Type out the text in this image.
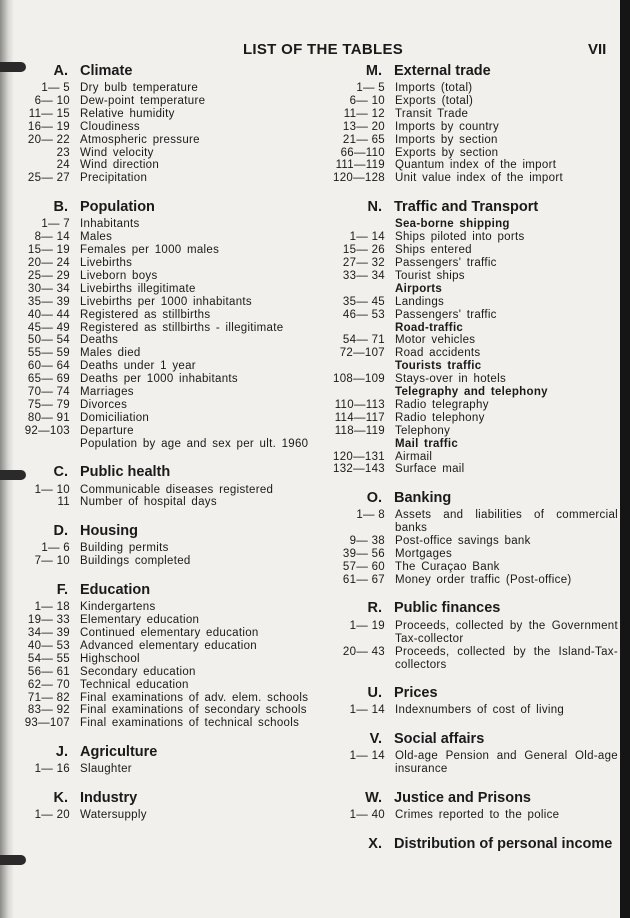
LIST OF THE TABLES	VII
A. Climate
1— 5 Dry bulb temperature
6— 10 Dew-point temperature
11— 15 Relative humidity
16— 19 Cloudiness
20— 22 Atmospheric pressure
23 Wind velocity
24 Wind direction
25— 27 Precipitation
B. Population
1— 7 Inhabitants
8— 14 Males
15— 19 Females per 1000 males
20— 24 Livebirths
25— 29 Liveborn boys
30— 34 Livebirths illegitimate
35— 39 Livebirths per 1000 inhabitants
40— 44 Registered as stillbirths
45— 49 Registered as stillbirths - illegitimate
50— 54 Deaths
55— 59 Males died
60— 64 Deaths under 1 year
65— 69 Deaths per 1000 inhabitants
70— 74 Marriages
75— 79 Divorces
80— 91 Domiciliation
92—103 Departure
Population by age and sex per ult. 1960
C. Public health
1— 10 Communicable diseases registered
11 Number of hospital days
D. Housing
1— 6 Building permits
7— 10 Buildings completed
F. Education
1— 18 Kindergartens
19— 33 Elementary education
34— 39 Continued elementary education
40— 53 Advanced elementary education
54— 55 Highschool
56— 61 Secondary education
62— 70 Technical education
71— 82 Final examinations of adv. elem. schools
83— 92 Final examinations of secondary schools
93—107 Final examinations of technical schools
J. Agriculture
1— 16 Slaughter
K. Industry
1— 20 Watersupply
M. External trade
1— 5 Imports (total)
6— 10 Exports (total)
11— 12 Transit Trade
13— 20 Imports by country
21— 65 Imports by section
66—110 Exports by section
111—119 Quantum index of the import
120—128 Unit value index of the import
N. Traffic and Transport
Sea-borne shipping
1— 14 Ships piloted into ports
15— 26 Ships entered
27— 32 Passengers' traffic
33— 34 Tourist ships
Airports
35— 45 Landings
46— 53 Passengers' traffic
Road-traffic
54— 71 Motor vehicles
72—107 Road accidents
Tourists traffic
108—109 Stays-over in hotels
Telegraphy and telephony
110—113 Radio telegraphy
114—117 Radio telephony
118—119 Telephony
Mail traffic
120—131 Airmail
132—143 Surface mail
O. Banking
1— 8 Assets and liabilities of commercial banks
9— 38 Post-office savings bank
39— 56 Mortgages
57— 60 The Curaçao Bank
61— 67 Money order traffic (Post-office)
R. Public finances
1— 19 Proceeds, collected by the Government Tax-collector
20— 43 Proceeds, collected by the Island-Tax-collectors
U. Prices
1— 14 Indexnumbers of cost of living
V. Social affairs
1— 14 Old-age Pension and General Old-age insurance
W. Justice and Prisons
1— 40 Crimes reported to the police
X. Distribution of personal income
